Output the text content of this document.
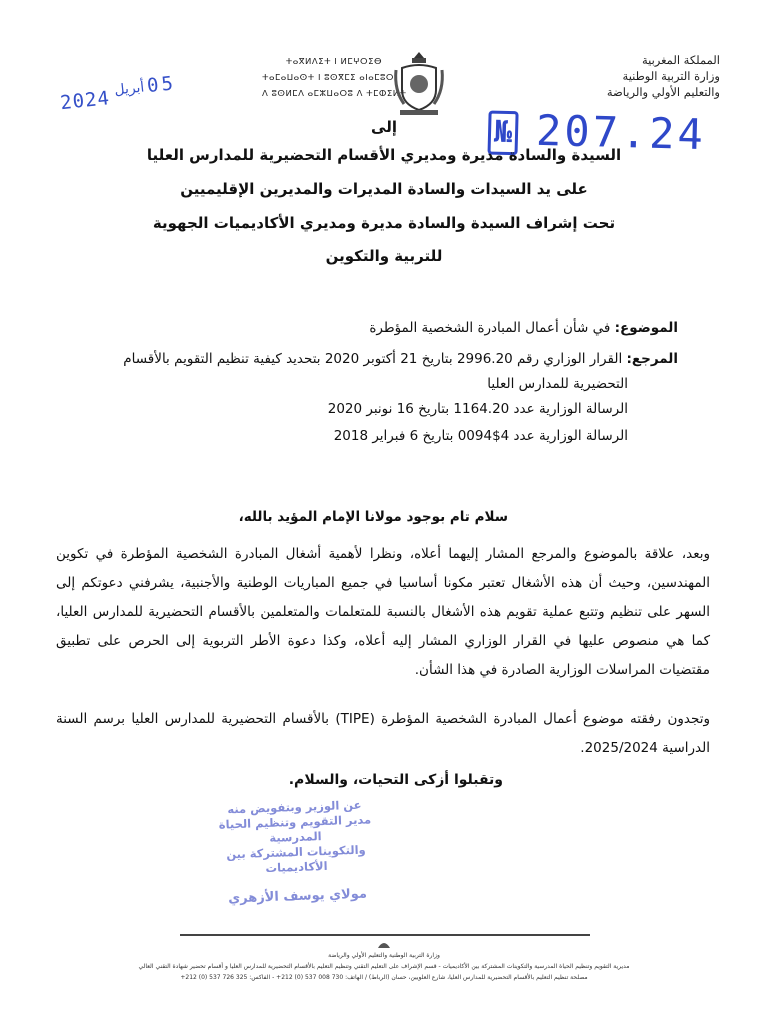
ⵜⴰⴳⵍⴷⵉⵜ ⵏ ⵍⵎⵖⵔⵉⴱ
ⵜⴰⵎⴰⵡⴰⵙⵜ ⵏ ⵓⵙⴳⵎⵉ ⴰⵏⴰⵎⵓⵔ
ⴷ ⵓⵙⵍⵎⴷ ⴰⵎⵣⵡⴰⵔⵓ ⴷ ⵜⵎⵀⵉⵍⵜ
المملكة المغربية
وزارة التربية الوطنية
والتعليم الأولي والرياضة
2024 أبريل 05
№ 207.24
إلى
السيدة والسادة مديرة ومديري الأقسام التحضيرية للمدارس العليا
على يد السيدات والسادة المديرات والمديرين الإقليميين
تحت إشراف السيدة والسادة مديرة ومديري الأكاديميات الجهوية
للتربية والتكوين
الموضوع: في شأن أعمال المبادرة الشخصية المؤطرة
المرجع: القرار الوزاري رقم 2996.20 بتاريخ 21 أكتوبر 2020 بتحديد كيفية تنظيم التقويم بالأقسام
التحضيرية للمدارس العليا
الرسالة الوزارية عدد 1164.20 بتاريخ 16 نونبر 2020
الرسالة الوزارية عدد 4$0094 بتاريخ 6 فبراير 2018
سلام تام بوجود مولانا الإمام المؤيد بالله،
وبعد، علاقة بالموضوع والمرجع المشار إليهما أعلاه، ونظرا لأهمية أشغال المبادرة الشخصية المؤطرة في تكوين المهندسين، وحيث أن هذه الأشغال تعتبر مكونا أساسيا في جميع المباريات الوطنية والأجنبية، يشرفني دعوتكم إلى السهر على تنظيم وتتبع عملية تقويم هذه الأشغال بالنسبة للمتعلمات والمتعلمين بالأقسام التحضيرية للمدارس العليا، كما هي منصوص عليها في القرار الوزاري المشار إليه أعلاه، وكذا دعوة الأطر التربوية إلى الحرص على تطبيق مقتضيات المراسلات الوزارية الصادرة في هذا الشأن.
وتجدون رفقته موضوع أعمال المبادرة الشخصية المؤطرة (TIPE) بالأقسام التحضيرية للمدارس العليا برسم السنة الدراسية 2025/2024.
وتقبلوا أزكى التحيات، والسلام.
عن الوزير وبتفويض منه
مدير التقويم وتنظيم الحياة المدرسية
والتكوينات المشتركة بين الأكاديميات
مولاي يوسف الأزهري
وزارة التربية الوطنية والتعليم الأولي والرياضة
مديرية التقويم وتنظيم الحياة المدرسية والتكوينات المشتركة بين الأكاديميات - قسم الإشراف على التعليم التقني وتنظيم التعليم بالأقسام التحضيرية للمدارس العليا و أقسام تحضير شهادة التقني العالي
مصلحة تنظيم التعليم بالأقسام التحضيرية للمدارس العليا، شارع العلويين، حسان (الرباط) / الهاتف: 730 008 537 (0) 212+ - الفاكس: 325 726 537 (0) 212+
